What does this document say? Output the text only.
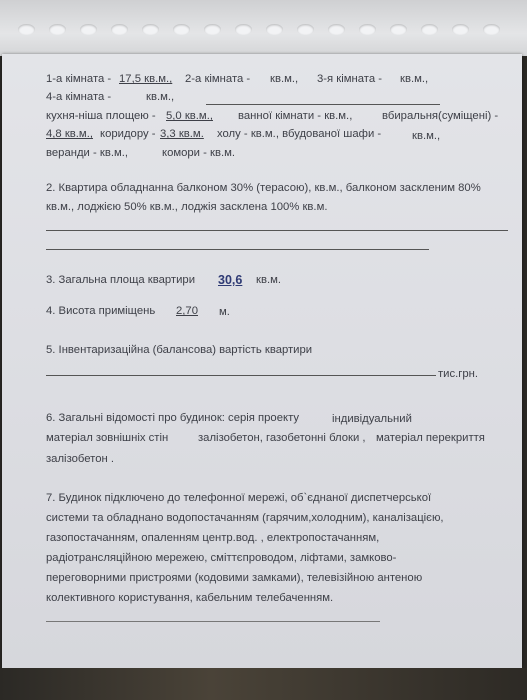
1-а кімната - 17,5 кв.м., 2-а кімната - кв.м., 3-я кімната - кв.м.,
4-а кімната -	кв.м.,
кухня-ніша площею - 5,0 кв.м., ванної кімнати - кв.м.,	вбиральня(суміщені) -
4,8 кв.м., коридору - 3,3 кв.м. холу - кв.м., вбудованої шафи -	кв.м.,
веранди - кв.м.,	комори - кв.м.
2. Квартира обладнанна балконом 30% (терасою), кв.м., балконом засклeним 80%
кв.м., лоджією 50% кв.м., лоджія засклена 100% кв.м.
3. Загальна площа квартири 30,6 кв.м.
4. Висота приміщень 2,70 м.
5. Інвентаризаційна (балансова) вартість квартири
тис.грн.
6. Загальні відомості про будинок: серія проекту	індивідуальний
матеріал зовнішніх стін	залізобетон, газобетонні блоки , матеріал перекриття
залізобетон .
7. Будинок підключено до телефонної мережі, об`єднаної диспетчерської
системи та обладнано водопостачанням (гарячим,холодним), каналізацією,
газопостачанням, опаленням центр.вод. , електропостачанням,
радіотрансляційною мережею, сміттєпроводом, ліфтами, замково-
переговорними пристроями (кодовими замками), телевізійною антеною
колективного користування, кабельним телебаченням.
